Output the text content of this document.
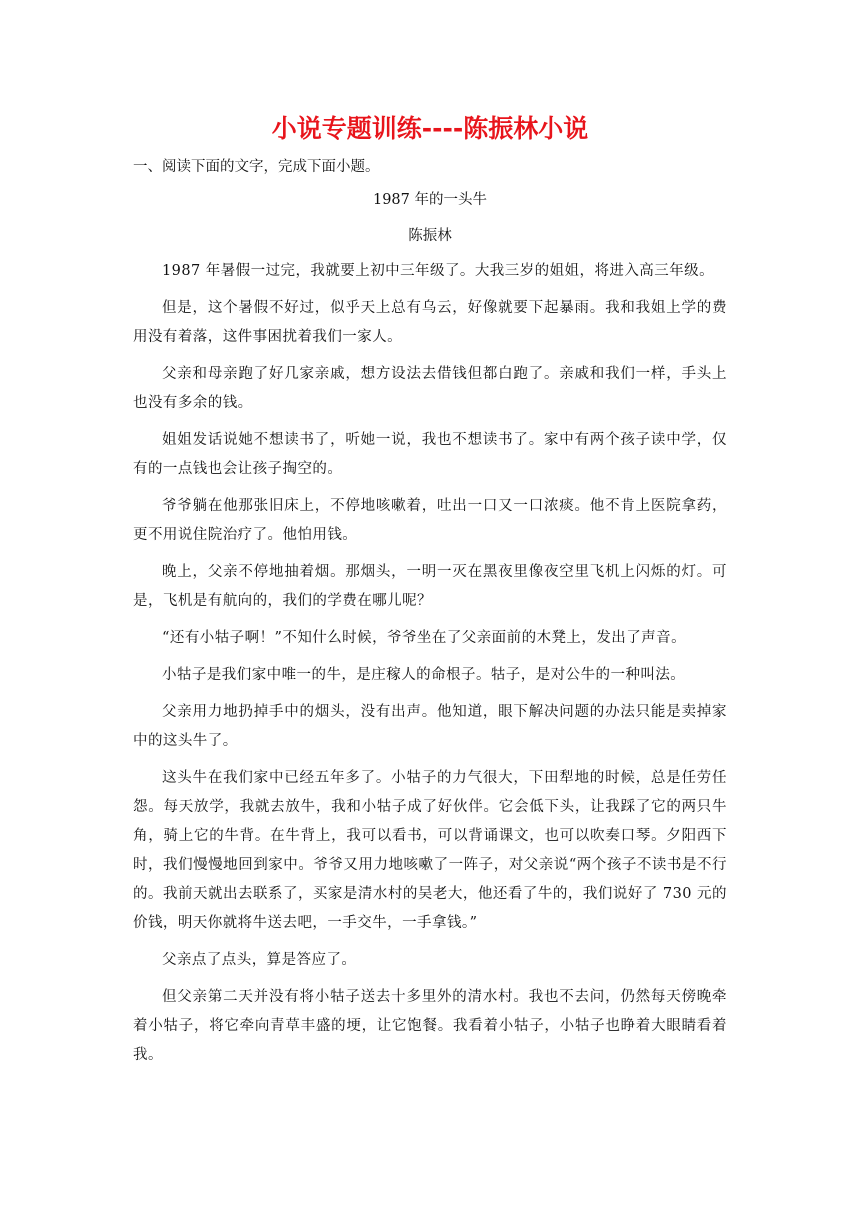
小说专题训练----陈振林小说

一、阅读下面的文字，完成下面小题。

1987 年的一头牛

陈振林

1987 年暑假一过完，我就要上初中三年级了。大我三岁的姐姐，将进入高三年级。

但是，这个暑假不好过，似乎天上总有乌云，好像就要下起暴雨。我和我姐上学的费用没有着落，这件事困扰着我们一家人。

父亲和母亲跑了好几家亲戚，想方设法去借钱但都白跑了。亲戚和我们一样，手头上也没有多余的钱。

姐姐发话说她不想读书了，听她一说，我也不想读书了。家中有两个孩子读中学，仅有的一点钱也会让孩子掏空的。

爷爷躺在他那张旧床上，不停地咳嗽着，吐出一口又一口浓痰。他不肯上医院拿药，更不用说住院治疗了。他怕用钱。

晚上，父亲不停地抽着烟。那烟头，一明一灭在黑夜里像夜空里飞机上闪烁的灯。可是，飞机是有航向的，我们的学费在哪儿呢？

“还有小牯子啊！”不知什么时候，爷爷坐在了父亲面前的木凳上，发出了声音。

小牯子是我们家中唯一的牛，是庄稼人的命根子。牯子，是对公牛的一种叫法。

父亲用力地扔掉手中的烟头，没有出声。他知道，眼下解决问题的办法只能是卖掉家中的这头牛了。

这头牛在我们家中已经五年多了。小牯子的力气很大，下田犁地的时候，总是任劳任怨。每天放学，我就去放牛，我和小牯子成了好伙伴。它会低下头，让我踩了它的两只牛角，骑上它的牛背。在牛背上，我可以看书，可以背诵课文，也可以吹奏口琴。夕阳西下时，我们慢慢地回到家中。爷爷又用力地咳嗽了一阵子，对父亲说“两个孩子不读书是不行的。我前天就出去联系了，买家是清水村的吴老大，他还看了牛的，我们说好了 730 元的价钱，明天你就将牛送去吧，一手交牛，一手拿钱。”

父亲点了点头，算是答应了。

但父亲第二天并没有将小牯子送去十多里外的清水村。我也不去问，仍然每天傍晚牵着小牯子，将它牵向青草丰盛的埂，让它饱餐。我看着小牯子，小牯子也睁着大眼睛看着我。
